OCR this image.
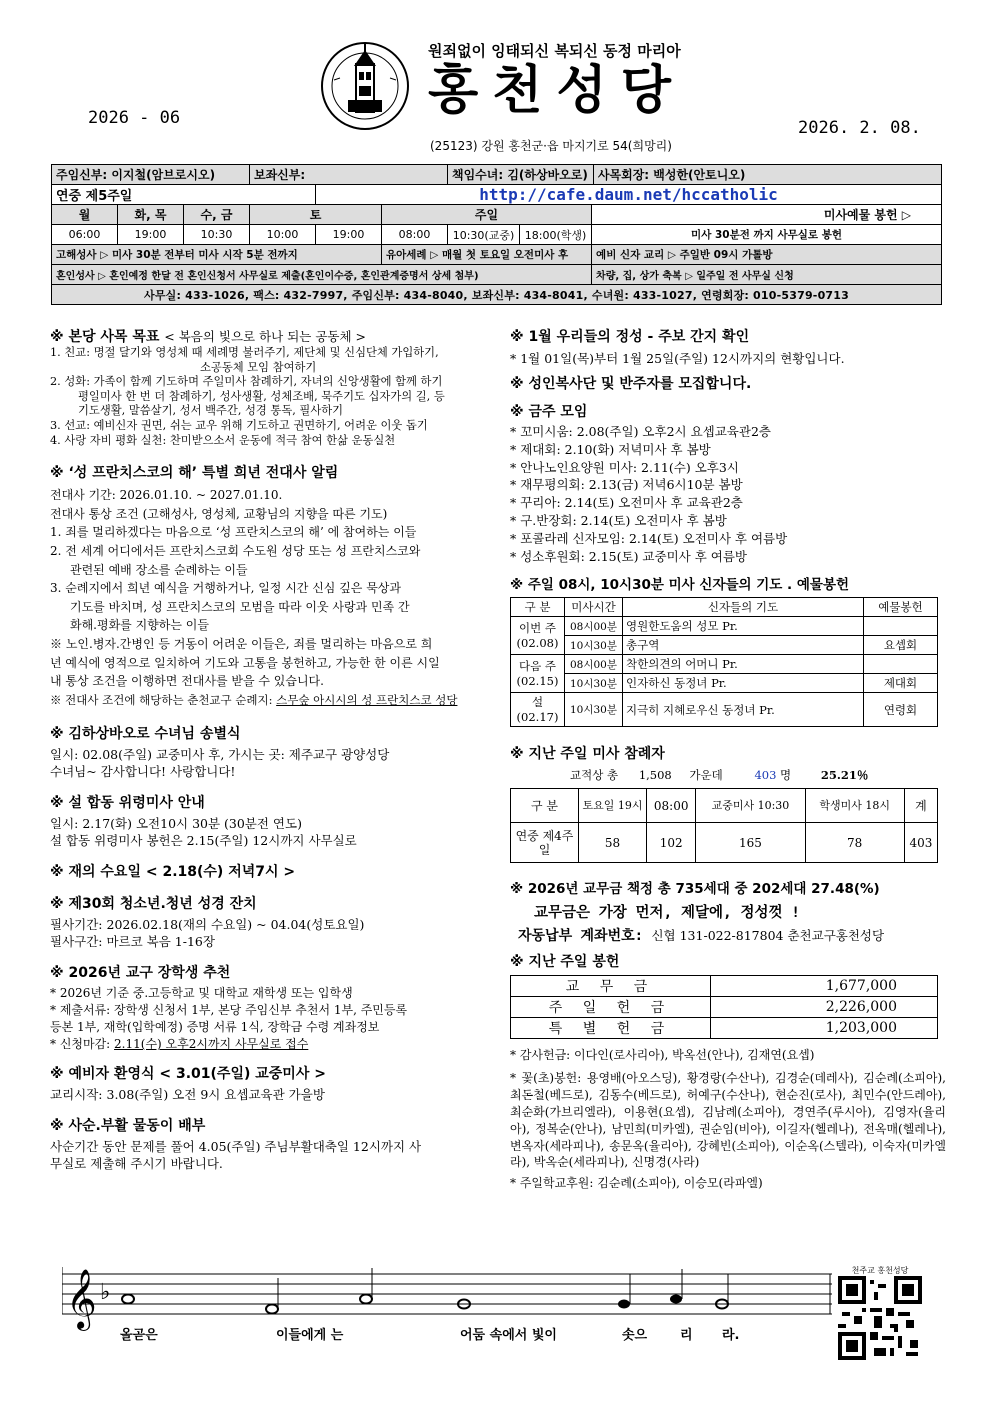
2026 - 06
원죄없이 잉태되신 복되신 동정 마리아
홍천성당
(25123) 강원 홍천군·읍 마지기로 54(희망리)
2026. 2. 08.
주임신부: 이지철(암브로시오)			보좌신부:			책임수녀: 김(하상바오로)			사목회장: 백성한(안토니오)
연중 제5주일				http://cafe.daum.net/hccatholic					
월	화, 목	수, 금	토		주일			미사예물 봉헌 ▷	
06:00	19:00	10:30	10:00	19:00	08:00	10:30(교중)	18:00(학생)	미사 30분전 까지 사무실로 봉헌	
고해성사 ▷ 미사 30분 전부터 미사 시작 5분 전까지					유아세례 ▷ 매월 첫 토요일 오전미사 후			예비 신자 교리 ▷ 주일반 09시 가톨방	
혼인성사 ▷ 혼인예정 한달 전 혼인신청서 사무실로 제출(혼인이수증, 혼인관계증명서 상세 첨부)								차량, 집, 상가 축복 ▷ 일주일 전 사무실 신청	
사무실: 433-1026, 팩스: 432-7997, 주임신부: 434-8040, 보좌신부: 434-8041, 수녀원: 433-1027, 연령회장: 010-5379-0713									
※ 본당 사목 목표 < 복음의 빛으로 하나 되는 공동체 >
1. 친교: 명절 달기와 영성체 때 세례명 불러주기, 제단체 및 신심단체 가입하기,
소공동체 모임 참여하기
2. 성화: 가족이 함께 기도하며 주일미사 참례하기, 자녀의 신앙생활에 함께 하기
평일미사 한 번 더 참례하기, 성사생활, 성체조배, 묵주기도 십자가의 길, 등
기도생활, 말씀살기, 성서 백주간, 성경 통독, 필사하기
3. 선교: 예비신자 권면, 쉬는 교우 위해 기도하고 권면하기, 어려운 이웃 돕기
4. 사랑 자비 평화 실천: 찬미받으소서 운동에 적극 참여 한삶 운동실천
※ ‘성 프란치스코의 해’ 특별 희년 전대사 알림
전대사 기간: 2026.01.10. ~ 2027.01.10.
전대사 통상 조건 (고해성사, 영성체, 교황님의 지향을 따른 기도)
1. 죄를 멀리하겠다는 마음으로 ‘성 프란치스코의 해’ 에 참여하는 이들
2. 전 세계 어디에서든 프란치스코회 수도원 성당 또는 성 프란치스코와
관련된 예배 장소를 순례하는 이들
3. 순례지에서 희년 예식을 거행하거나, 일정 시간 신심 깊은 묵상과
기도를 바치며, 성 프란치스코의 모범을 따라 이웃 사랑과 민족 간
화해.평화를 지향하는 이들
※ 노인.병자.간병인 등 거동이 어려운 이들은, 죄를 멀리하는 마음으로 희
년 예식에 영적으로 일치하여 기도와 고통을 봉헌하고, 가능한 한 이른 시일
내 통상 조건을 이행하면 전대사를 받을 수 있습니다.
※ 전대사 조건에 해당하는 춘천교구 순례지: 스무숲 아시시의 성 프란치스코 성당
※ 김하상바오로 수녀님 송별식
일시: 02.08(주일) 교중미사 후, 가시는 곳: 제주교구 광양성당
수녀님~ 감사합니다! 사랑합니다!
※ 설 합동 위령미사 안내
일시: 2.17(화) 오전10시 30분 (30분전 연도)
설 합동 위령미사 봉헌은 2.15(주일) 12시까지 사무실로
※ 재의 수요일 < 2.18(수) 저녁7시 >
※ 제30회 청소년.청년 성경 잔치
필사기간: 2026.02.18(재의 수요일) ~ 04.04(성토요일)
필사구간: 마르코 복음 1-16장
※ 2026년 교구 장학생 추천
* 2026년 기준 중.고등학교 및 대학교 재학생 또는 입학생
* 제출서류: 장학생 신청서 1부, 본당 주임신부 추천서 1부, 주민등록
등본 1부, 재학(입학예정) 증명 서류 1식, 장학금 수령 계좌정보
* 신청마감: 2.11(수) 오후2시까지 사무실로 접수
※ 예비자 환영식 < 3.01(주일) 교중미사 >
교리시작: 3.08(주일) 오전 9시 요셉교육관 가을방
※ 사순.부활 물동이 배부
사순기간 동안 문제를 풀어 4.05(주일) 주님부활대축일 12시까지 사
무실로 제출해 주시기 바랍니다.
※ 1월 우리들의 정성 - 주보 간지 확인
* 1월 01일(목)부터 1월 25일(주일) 12시까지의 현황입니다.
※ 성인복사단 및 반주자를 모집합니다.
※ 금주 모임
* 꼬미시움: 2.08(주일) 오후2시 요셉교육관2층
* 제대회: 2.10(화) 저녁미사 후 봄방
* 안나노인요양원 미사: 2.11(수) 오후3시
* 재무평의회: 2.13(금) 저녁6시10분 봄방
* 꾸리아: 2.14(토) 오전미사 후 교육관2층
* 구.반장회: 2.14(토) 오전미사 후 봄방
* 포콜라레 신자모임: 2.14(토) 오전미사 후 여름방
* 성소후원회: 2.15(토) 교중미사 후 여름방
※ 주일 08시, 10시30분 미사 신자들의 기도 . 예물봉헌
구 분	미사시간	신자들의 기도	예물봉헌
이번 주
(02.08)	08시00분	영원한도움의 성모 Pr.	
	10시30분	총구역	요셉회
다음 주
(02.15)	08시00분	착한의견의 어머니 Pr.	
	10시30분	인자하신 동정녀 Pr.	제대회
설
(02.17)	10시30분	지극히 지혜로우신 동정녀 Pr.	연령회
※ 지난 주일 미사 참례자
교적상 총 1,508 가운데	403 명	25.21％
구 분	토요일 19시	08:00	교중미사 10:30	학생미사 18시	계
연중 제4주일	58	102	165	78	403
※ 2026년 교무금 책정 총 735세대 중 202세대 27.48(%)
교무금은 가장 먼저, 제달에, 정성껏 !
자동납부 계좌번호: 신협 131-022-817804 춘천교구홍천성당
※ 지난 주일 봉헌
교 무 금	1,677,000
주 일 헌 금	2,226,000
특 별 헌 금	1,203,000
* 감사헌금: 이다인(로사리아), 박옥선(안나), 김재연(요셉)
* 꽃(초)봉헌: 용영배(아오스딩), 황경랑(수산나), 김경순(데레사), 김순례(소피아), 최돈철(베드로), 김동수(베드로), 허예구(수산나), 현순진(로사), 최민수(안드레아), 최순화(가브리엘라), 이용현(요셉), 김남례(소피아), 경연주(루시아), 김영자(율리아), 정복순(안나), 남민희(미카엘), 권순임(비아), 이길자(헬레나), 전옥매(헬레나), 변옥자(세라피나), 송문옥(율리아), 강혜빈(소피아), 이순옥(스텔라), 이숙자(미카엘라), 박옥순(세라피나), 신명경(사라)
* 주일학교후원: 김순례(소피아), 이승모(라파엘)
𝄞 ♭
올곧은	이들에게 는	어둠 속에서 빛이	솟으	리 라.
천주교 홍천성당
